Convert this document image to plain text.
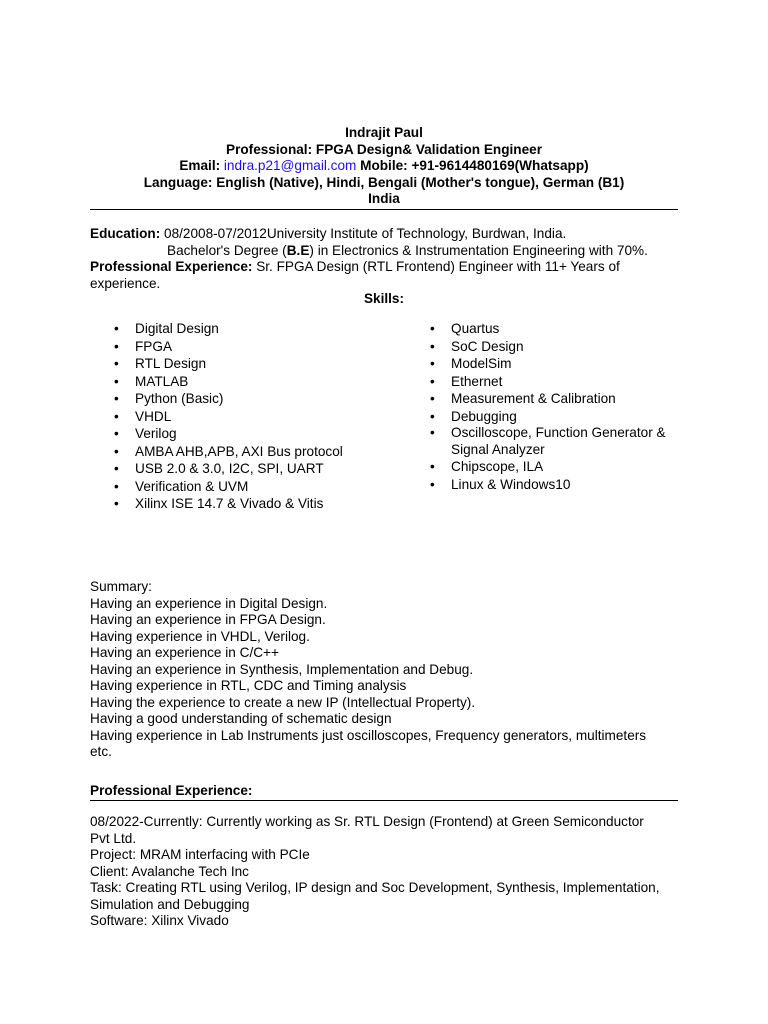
Indrajit Paul
Professional: FPGA Design& Validation Engineer
Email: indra.p21@gmail.com Mobile: +91-9614480169(Whatsapp)
Language: English (Native), Hindi, Bengali (Mother's tongue), German (B1)
India
Education: 08/2008-07/2012University Institute of Technology, Burdwan, India.
Bachelor's Degree (B.E) in Electronics & Instrumentation Engineering with 70%.
Professional Experience: Sr. FPGA Design (RTL Frontend) Engineer with 11+ Years of
experience.
Skills:
• Digital Design
• FPGA
• RTL Design
• MATLAB
• Python (Basic)
• VHDL
• Verilog
• AMBA AHB,APB, AXI Bus protocol
• USB 2.0 & 3.0, I2C, SPI, UART
• Verification & UVM
• Xilinx ISE 14.7 & Vivado & Vitis
• Quartus
• SoC Design
• ModelSim
• Ethernet
• Measurement & Calibration
• Debugging
• Oscilloscope, Function Generator &
Signal Analyzer
• Chipscope, ILA
• Linux & Windows10
Summary:
Having an experience in Digital Design.
Having an experience in FPGA Design.
Having experience in VHDL, Verilog.
Having an experience in C/C++
Having an experience in Synthesis, Implementation and Debug.
Having experience in RTL, CDC and Timing analysis
Having the experience to create a new IP (Intellectual Property).
Having a good understanding of schematic design
Having experience in Lab Instruments just oscilloscopes, Frequency generators, multimeters
etc.
Professional Experience:
08/2022-Currently: Currently working as Sr. RTL Design (Frontend) at Green Semiconductor
Pvt Ltd.
Project: MRAM interfacing with PCIe
Client: Avalanche Tech Inc
Task: Creating RTL using Verilog, IP design and Soc Development, Synthesis, Implementation,
Simulation and Debugging
Software: Xilinx Vivado
